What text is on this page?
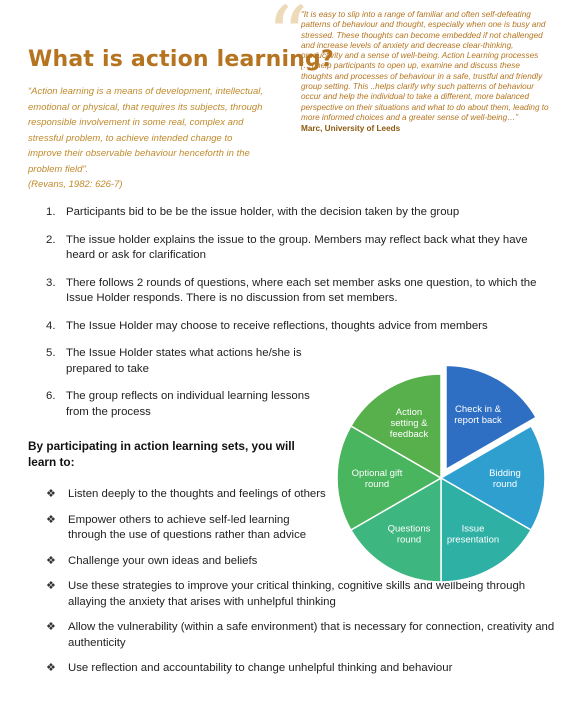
What is action learning?
“Action learning is a means of development, intellectual, emotional or physical, that requires its subjects, through responsible involvement in some real, complex and stressful problem, to achieve intended change to improve their observable behaviour henceforth in the problem field”.
(Revans, 1982: 626-7)
“
“It is easy to slip into a range of familiar and often self-defeating patterns of behaviour and thought, especially when one is busy and stressed. These thoughts can become embedded if not challenged and increase levels of anxiety and decrease clear-thinking, productivity and a sense of well-being. Action Learning processes […] help participants to open up, examine and discuss these thoughts and processes of behaviour in a safe, trustful and friendly group setting. This ..helps clarify why such patterns of behaviour occur and help the individual to take a different, more balanced perspective on their situations and what to do about them, leading to more informed choices and a greater sense of well-being…”
Marc, University of Leeds
1. Participants bid to be be the issue holder, with the decision taken by the group
2. The issue holder explains the issue to the group. Members may reflect back what they have heard or ask for clarification
3. There follows 2 rounds of questions, where each set member asks one question, to which the Issue Holder responds. There is no discussion from set members.
4. The Issue Holder may choose to receive reflections, thoughts advice from members
5. The Issue Holder states what actions he/she is prepared to take
6. The group reflects on individual learning lessons from the process
By participating in action learning sets, you will learn to:
❖ Listen deeply to the thoughts and feelings of others
❖ Empower others to achieve self-led learning through the use of questions rather than advice
❖ Challenge your own ideas and beliefs
❖ Use these strategies to improve your critical thinking, cognitive skills and wellbeing through allaying the anxiety that arises with unhelpful thinking
❖ Allow the vulnerability (within a safe environment) that is necessary for connection, creativity and authenticity
❖ Use reflection and accountability to change unhelpful thinking and behaviour
Check in & report back
Bidding round
Issue presentation
Questions round
Optional gift round
Action setting & feedback
